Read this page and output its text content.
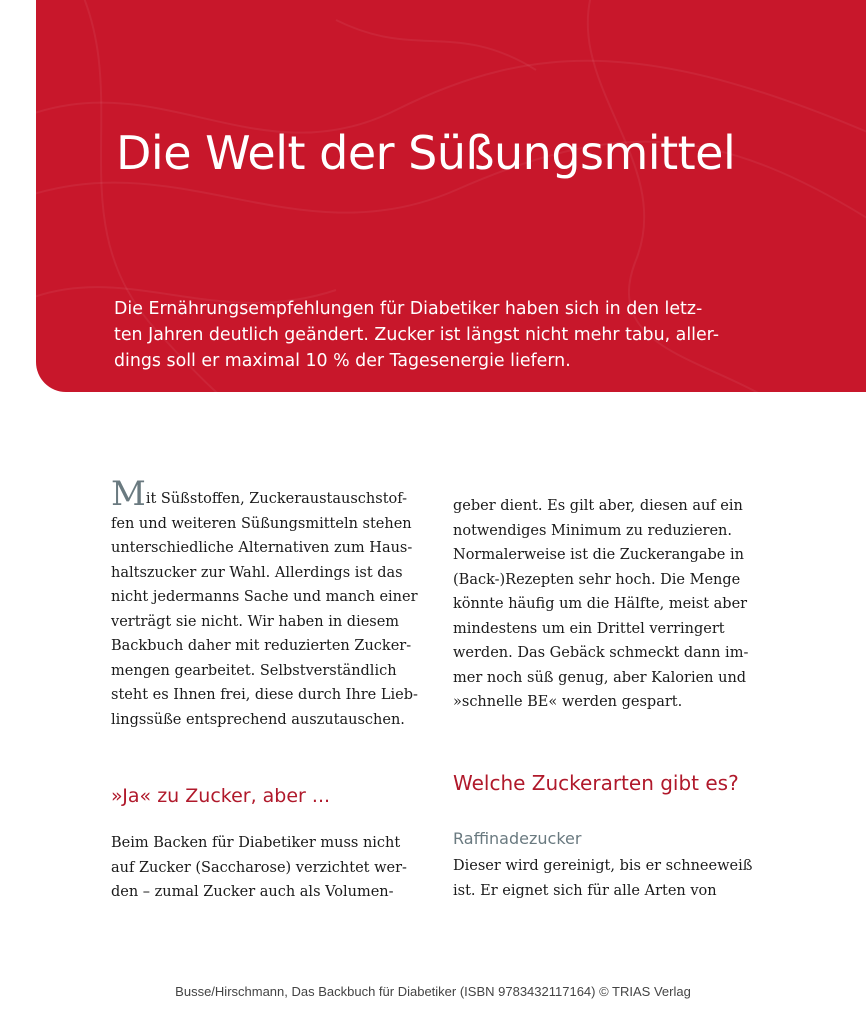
Die Welt der Süßungsmittel
Die Ernährungsempfehlungen für Diabetiker haben sich in den letz-
ten Jahren deutlich geändert. Zucker ist längst nicht mehr tabu, aller-
dings soll er maximal 10 % der Tagesenergie liefern.
Mit Süßstoffen, Zuckeraustauschstof-
fen und weiteren Süßungsmitteln stehen
unterschiedliche Alternativen zum Haus-
haltszucker zur Wahl. Allerdings ist das
nicht jedermanns Sache und manch einer
verträgt sie nicht. Wir haben in diesem
Backbuch daher mit reduzierten Zucker-
mengen gearbeitet. Selbstverständlich
steht es Ihnen frei, diese durch Ihre Lieb-
lingssüße entsprechend auszutauschen.
geber dient. Es gilt aber, diesen auf ein
notwendiges Minimum zu reduzieren.
Normalerweise ist die Zuckerangabe in
(Back-)Rezepten sehr hoch. Die Menge
könnte häufig um die Hälfte, meist aber
mindestens um ein Drittel verringert
werden. Das Gebäck schmeckt dann im-
mer noch süß genug, aber Kalorien und
»schnelle BE« werden gespart.
»Ja« zu Zucker, aber ...
Welche Zuckerarten gibt es?
Beim Backen für Diabetiker muss nicht
auf Zucker (Saccharose) verzichtet wer-
den – zumal Zucker auch als Volumen-
Raffinadezucker
Dieser wird gereinigt, bis er schneeweiß
ist. Er eignet sich für alle Arten von
Busse/Hirschmann, Das Backbuch für Diabetiker (ISBN 9783432117164) © TRIAS Verlag
